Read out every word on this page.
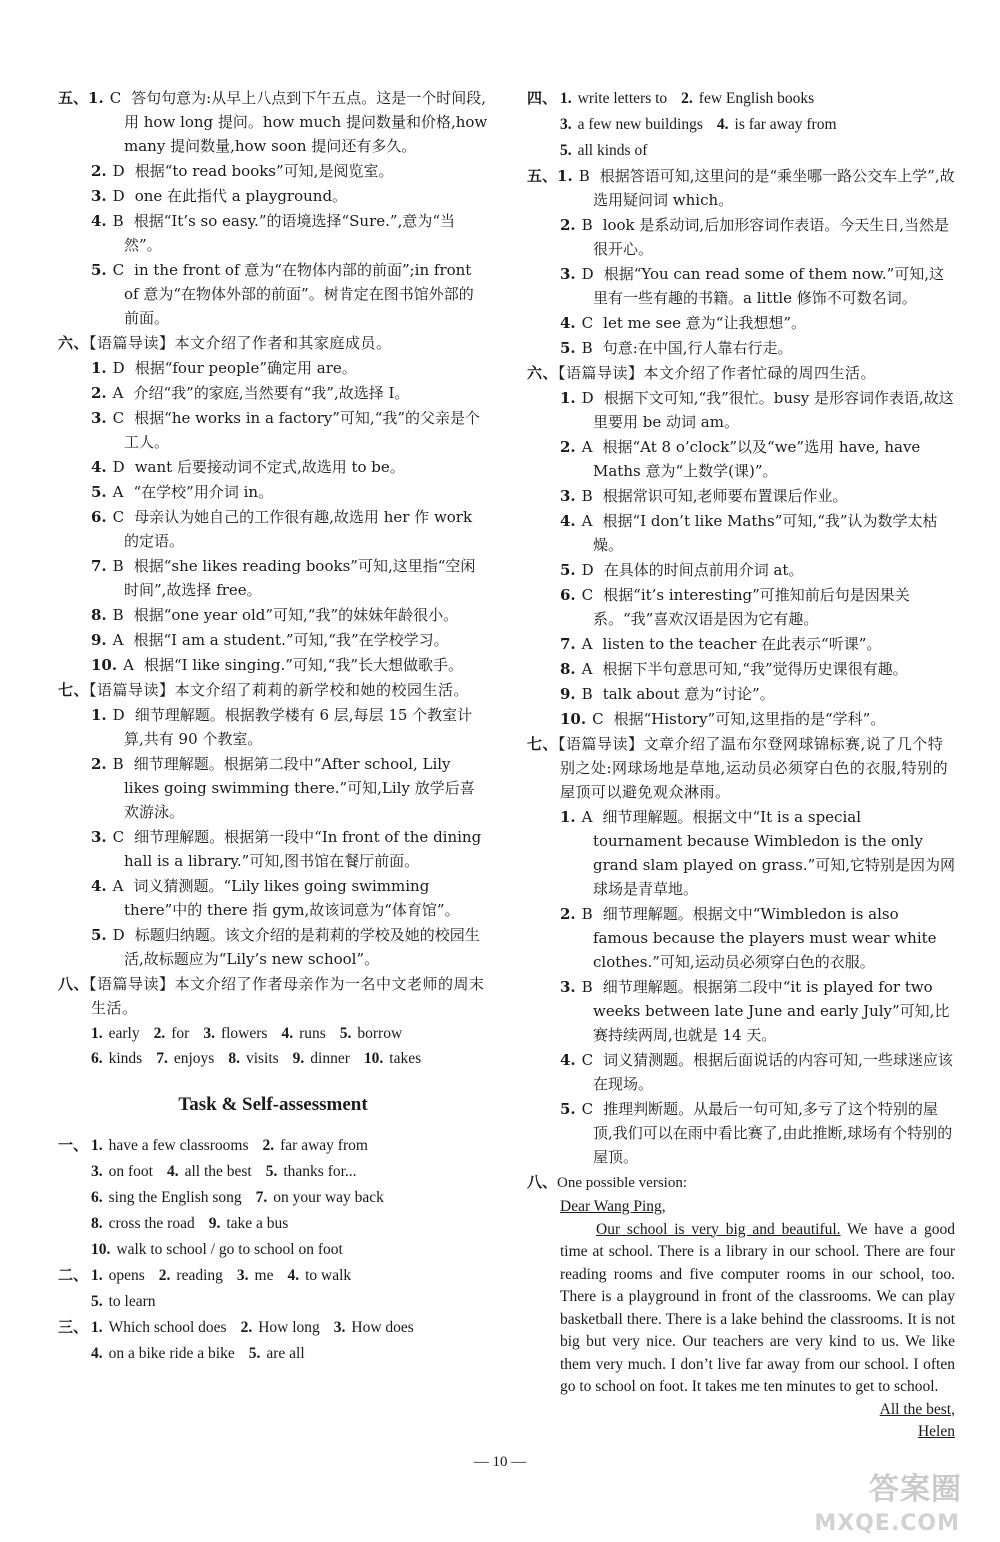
五、1. C 答句句意为:从早上八点到下午五点。这是一个时间段,用 how long 提问。how much 提问数量和价格,how many 提问数量,how soon 提问还有多久。
2. D 根据“to read books”可知,是阅览室。
3. D one 在此指代 a playground。
4. B 根据“It’s so easy.”的语境选择“Sure.”,意为“当然”。
5. C in the front of 意为“在物体内部的前面”;in front of 意为“在物体外部的前面”。树肯定在图书馆外部的前面。
六、【语篇导读】本文介绍了作者和其家庭成员。
1. D 根据“four people”确定用 are。
2. A 介绍“我”的家庭,当然要有“我”,故选择 I。
3. C 根据“he works in a factory”可知,“我”的父亲是个工人。
4. D want 后要接动词不定式,故选用 to be。
5. A “在学校”用介词 in。
6. C 母亲认为她自己的工作很有趣,故选用 her 作 work 的定语。
7. B 根据“she likes reading books”可知,这里指“空闲时间”,故选择 free。
8. B 根据“one year old”可知,“我”的妹妹年龄很小。
9. A 根据“I am a student.”可知,“我”在学校学习。
10. A 根据“I like singing.”可知,“我”长大想做歌手。
七、【语篇导读】本文介绍了莉莉的新学校和她的校园生活。
1. D 细节理解题。根据教学楼有 6 层,每层 15 个教室计算,共有 90 个教室。
2. B 细节理解题。根据第二段中“After school, Lily likes going swimming there.”可知,Lily 放学后喜欢游泳。
3. C 细节理解题。根据第一段中“In front of the dining hall is a library.”可知,图书馆在餐厅前面。
4. A 词义猜测题。“Lily likes going swimming there”中的 there 指 gym,故该词意为“体育馆”。
5. D 标题归纳题。该文介绍的是莉莉的学校及她的校园生活,故标题应为“Lily’s new school”。
八、【语篇导读】本文介绍了作者母亲作为一名中文老师的周末生活。
1. early 2. for 3. flowers 4. runs 5. borrow
6. kinds 7. enjoys 8. visits 9. dinner 10. takes
Task & Self-assessment
一、 1. have a few classrooms 2. far away from
3. on foot 4. all the best 5. thanks for...
6. sing the English song 7. on your way back
8. cross the road 9. take a bus
10. walk to school / go to school on foot
二、 1. opens 2. reading 3. me 4. to walk
5. to learn
三、 1. Which school does 2. How long 3. How does
4. on a bike ride a bike 5. are all
四、 1. write letters to 2. few English books
3. a few new buildings 4. is far away from
5. all kinds of
五、1. B 根据答语可知,这里问的是“乘坐哪一路公交车上学”,故选用疑问词 which。
2. B look 是系动词,后加形容词作表语。今天生日,当然是很开心。
3. D 根据“You can read some of them now.”可知,这里有一些有趣的书籍。a little 修饰不可数名词。
4. C let me see 意为“让我想想”。
5. B 句意:在中国,行人靠右行走。
六、【语篇导读】本文介绍了作者忙碌的周四生活。
1. D 根据下文可知,“我”很忙。busy 是形容词作表语,故这里要用 be 动词 am。
2. A 根据“At 8 o’clock”以及“we”选用 have, have Maths 意为“上数学(课)”。
3. B 根据常识可知,老师要布置课后作业。
4. A 根据“I don’t like Maths”可知,“我”认为数学太枯燥。
5. D 在具体的时间点前用介词 at。
6. C 根据“it’s interesting”可推知前后句是因果关系。“我”喜欢汉语是因为它有趣。
7. A listen to the teacher 在此表示“听课”。
8. A 根据下半句意思可知,“我”觉得历史课很有趣。
9. B talk about 意为“讨论”。
10. C 根据“History”可知,这里指的是“学科”。
七、【语篇导读】文章介绍了温布尔登网球锦标赛,说了几个特别之处:网球场地是草地,运动员必须穿白色的衣服,特别的屋顶可以避免观众淋雨。
1. A 细节理解题。根据文中“It is a special tournament because Wimbledon is the only grand slam played on grass.”可知,它特别是因为网球场是青草地。
2. B 细节理解题。根据文中“Wimbledon is also famous because the players must wear white clothes.”可知,运动员必须穿白色的衣服。
3. B 细节理解题。根据第二段中“it is played for two weeks between late June and early July”可知,比赛持续两周,也就是 14 天。
4. C 词义猜测题。根据后面说话的内容可知,一些球迷应该在现场。
5. C 推理判断题。从最后一句可知,多亏了这个特别的屋顶,我们可以在雨中看比赛了,由此推断,球场有个特别的屋顶。
八、One possible version:
Dear Wang Ping,

Our school is very big and beautiful. We have a good time at school. There is a library in our school. There are four reading rooms and five computer rooms in our school, too. There is a playground in front of the classrooms. We can play basketball there. There is a lake behind the classrooms. It is not big but very nice. Our teachers are very kind to us. We like them very much. I don’t live far away from our school. I often go to school on foot. It takes me ten minutes to get to school.

All the best,
Helen
— 10 —
答案圈
MXQE.COM
